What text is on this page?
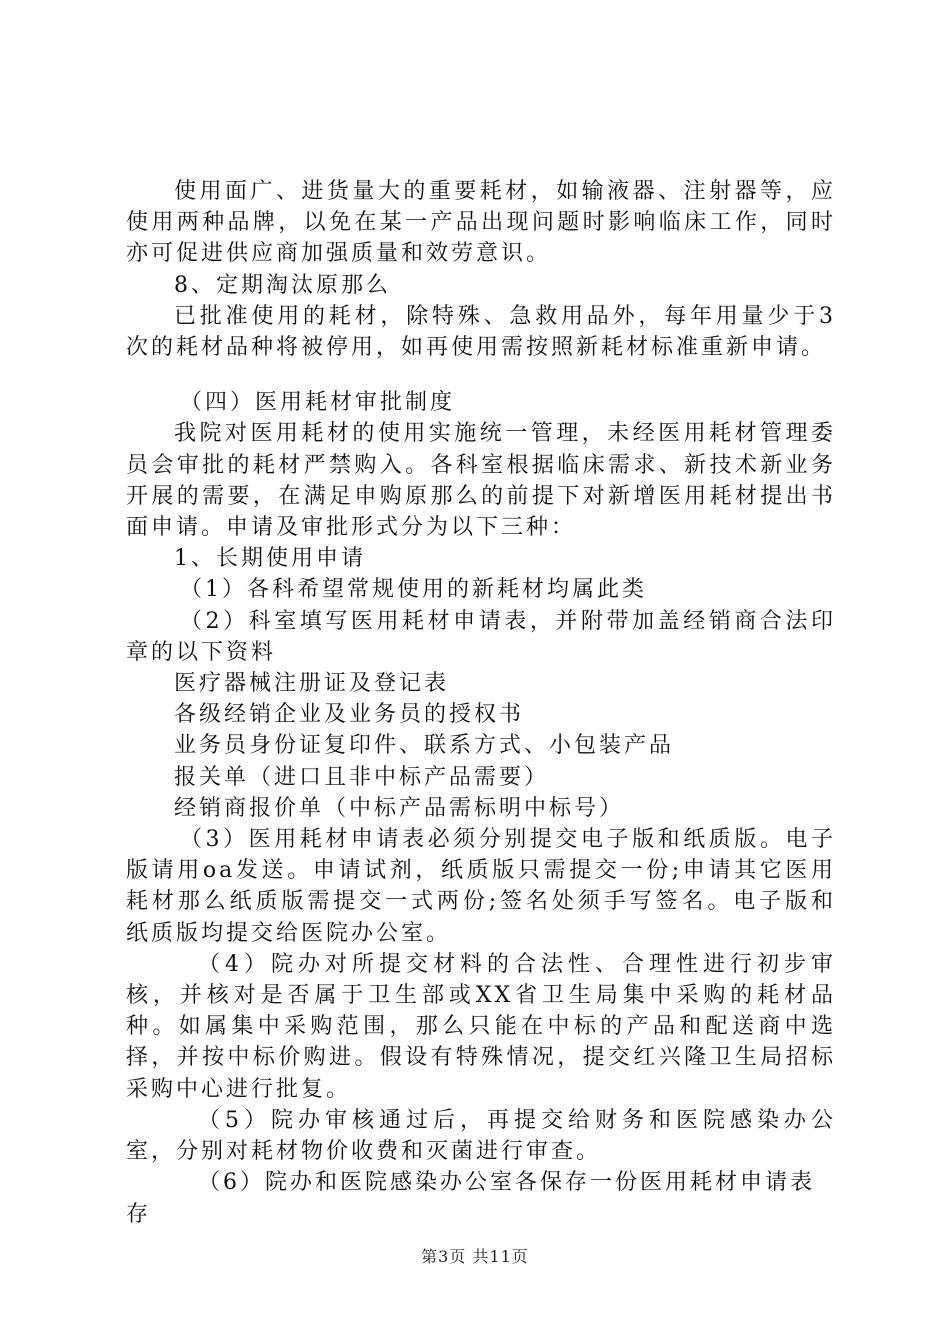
使用面广、进货量大的重要耗材，如输液器、注射器等，应使用两种品牌，以免在某一产品出现问题时影响临床工作，同时亦可促进供应商加强质量和效劳意识。

8、定期淘汰原那么

已批准使用的耗材，除特殊、急救用品外，每年用量少于3次的耗材品种将被停用，如再使用需按照新耗材标准重新申请。

（四）医用耗材审批制度

我院对医用耗材的使用实施统一管理，未经医用耗材管理委员会审批的耗材严禁购入。各科室根据临床需求、新技术新业务开展的需要，在满足申购原那么的前提下对新增医用耗材提出书面申请。申请及审批形式分为以下三种：

1、长期使用申请

（1）各科希望常规使用的新耗材均属此类

（2）科室填写医用耗材申请表，并附带加盖经销商合法印章的以下资料

医疗器械注册证及登记表

各级经销企业及业务员的授权书

业务员身份证复印件、联系方式、小包装产品

报关单（进口且非中标产品需要）

经销商报价单（中标产品需标明中标号）

（3）医用耗材申请表必须分别提交电子版和纸质版。电子版请用oa发送。申请试剂，纸质版只需提交一份;申请其它医用耗材那么纸质版需提交一式两份;签名处须手写签名。电子版和纸质版均提交给医院办公室。

（4）院办对所提交材料的合法性、合理性进行初步审核，并核对是否属于卫生部或XX省卫生局集中采购的耗材品种。如属集中采购范围，那么只能在中标的产品和配送商中选择，并按中标价购进。假设有特殊情况，提交红兴隆卫生局招标采购中心进行批复。

（5）院办审核通过后，再提交给财务和医院感染办公室，分别对耗材物价收费和灭菌进行审查。

（6）院办和医院感染办公室各保存一份医用耗材申请表存

第3页 共11页
